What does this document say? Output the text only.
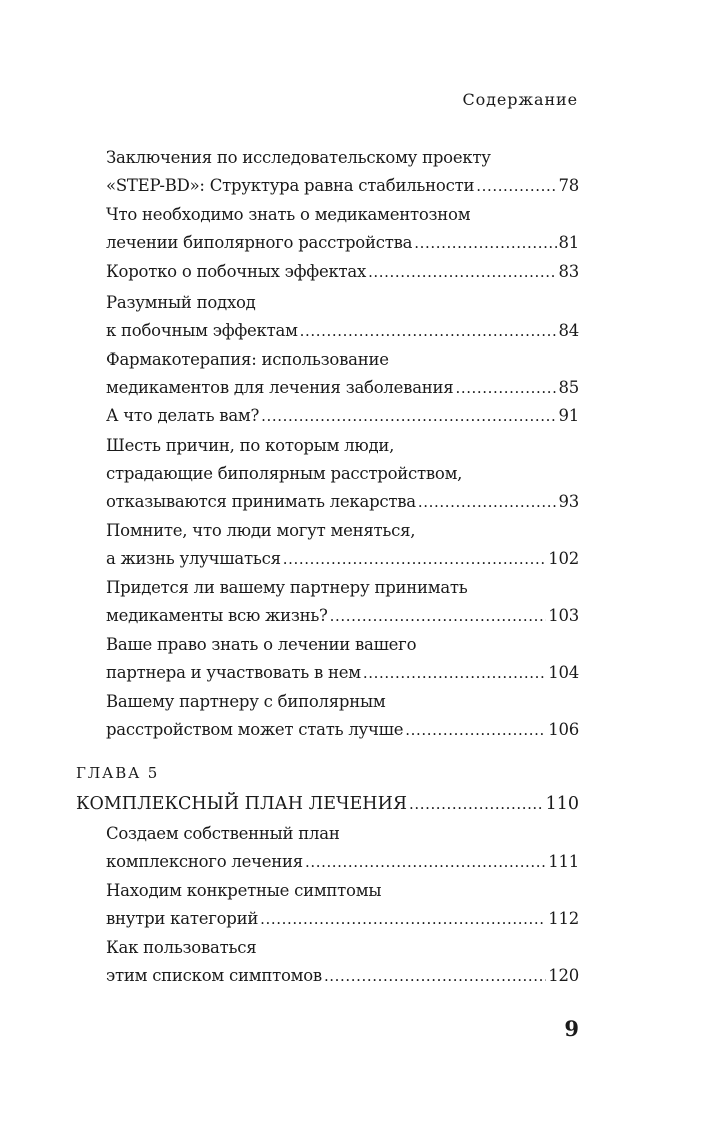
Содержание
Заключения по исследовательскому проекту
«STEP-BD»: Структура равна стабильности .....	78
Что необходимо знать о медикаментозном
лечении биполярного расстройства .....	81
Коротко о побочных эффектах .....	83
Разумный подход
к побочным эффектам .....	84
Фармакотерапия: использование
медикаментов для лечения заболевания .....	85
А что делать вам? .....	91
Шесть причин, по которым люди,
страдающие биполярным расстройством,
отказываются принимать лекарства .....	93
Помните, что люди могут меняться,
а жизнь улучшаться .....	102
Придется ли вашему партнеру принимать
медикаменты всю жизнь? .....	103
Ваше право знать о лечении вашего
партнера и участвовать в нем .....	104
Вашему партнеру с биполярным
расстройством может стать лучше .....	106
ГЛАВА 5
КОМПЛЕКСНЫЙ ПЛАН ЛЕЧЕНИЯ .....	110
Создаем собственный план
комплексного лечения .....	111
Находим конкретные симптомы
внутри категорий .....	112
Как пользоваться
этим списком симптомов .....	120
9
